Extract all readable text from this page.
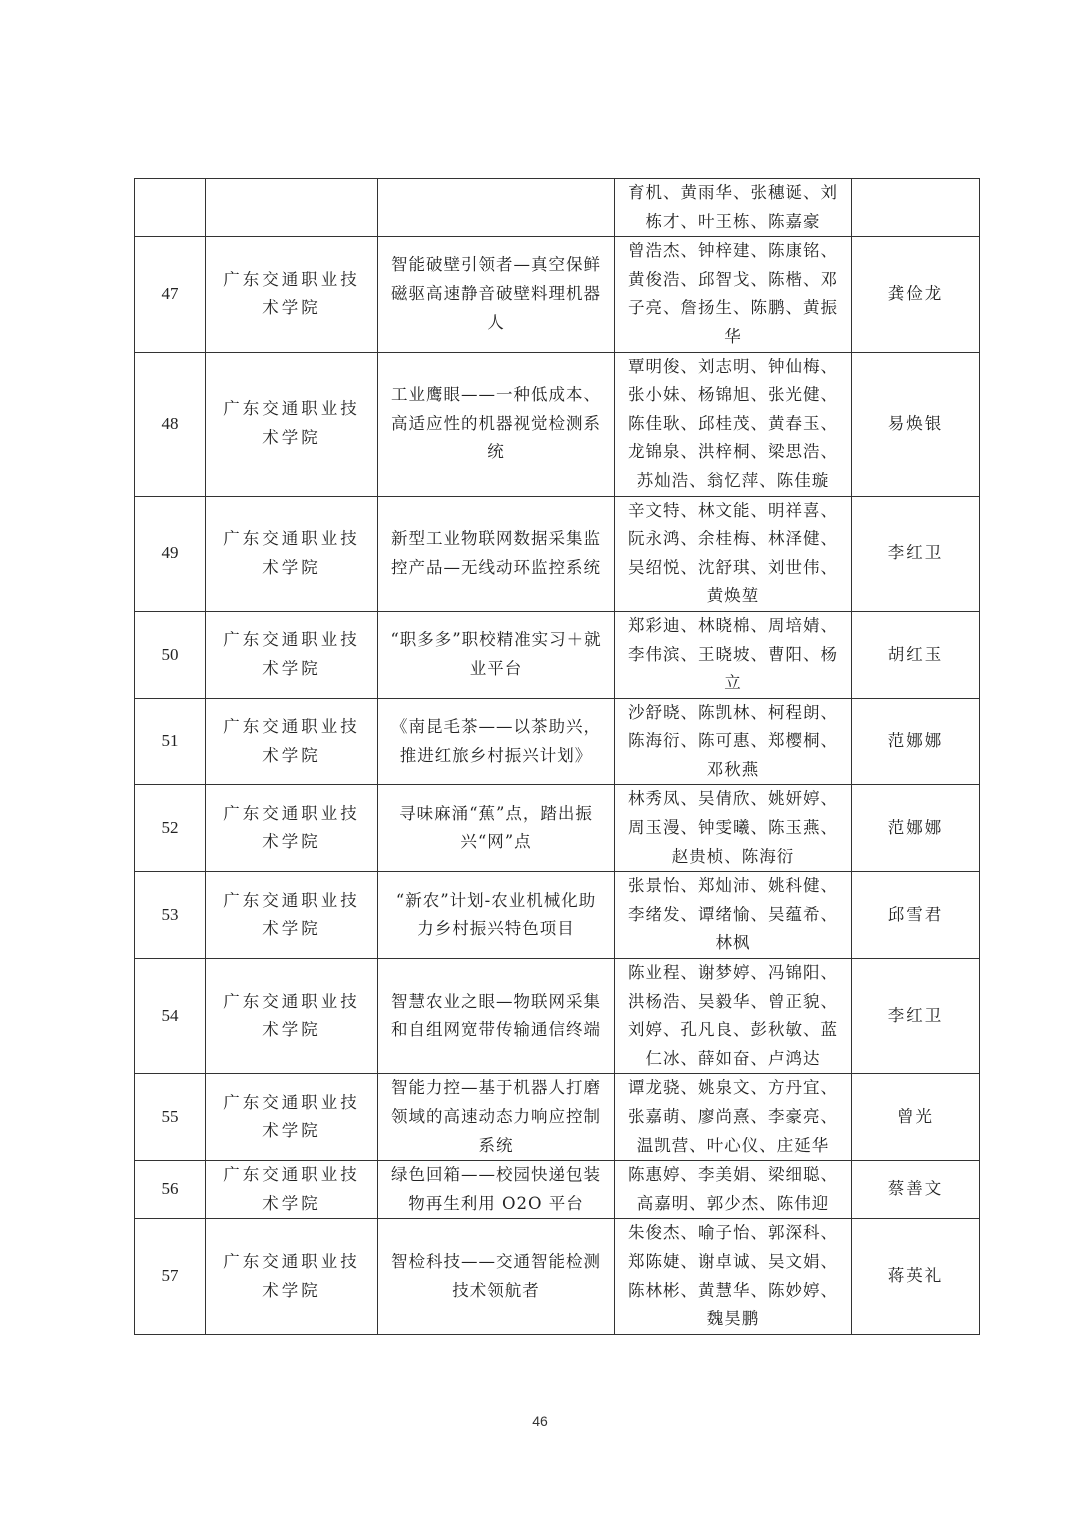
			育机、黄雨华、张穗诞、刘栋才、叶王栋、陈嘉豪	
47	广东交通职业技术学院	智能破壁引领者—真空保鲜磁驱高速静音破壁料理机器人	曾浩杰、钟梓建、陈康铭、黄俊浩、邱智戈、陈楷、邓子亮、詹扬生、陈鹏、黄振华	龚俭龙
48	广东交通职业技术学院	工业鹰眼——一种低成本、高适应性的机器视觉检测系统	覃明俊、刘志明、钟仙梅、张小妹、杨锦旭、张光健、陈佳耿、邱桂茂、黄春玉、龙锦泉、洪梓桐、梁思浩、苏灿浩、翁忆萍、陈佳璇	易焕银
49	广东交通职业技术学院	新型工业物联网数据采集监控产品—无线动环监控系统	辛文特、林文能、明祥喜、阮永鸿、余桂梅、林泽健、吴绍悦、沈舒琪、刘世伟、黄焕堃	李红卫
50	广东交通职业技术学院	“职多多”职校精准实习＋就业平台	郑彩迪、林晓棉、周培婧、李伟滨、王晓坡、曹阳、杨立	胡红玉
51	广东交通职业技术学院	《南昆毛茶——以茶助兴，推进红旅乡村振兴计划》	沙舒晓、陈凯林、柯程朗、陈海衍、陈可惠、郑樱桐、邓秋燕	范娜娜
52	广东交通职业技术学院	寻味麻涌“蕉”点，踏出振兴“网”点	林秀凤、吴倩欣、姚妍婷、周玉漫、钟雯曦、陈玉燕、赵贵桢、陈海衍	范娜娜
53	广东交通职业技术学院	“新农”计划-农业机械化助力乡村振兴特色项目	张景怡、郑灿沛、姚科健、李绪发、谭绪愉、吴蕴希、林枫	邱雪君
54	广东交通职业技术学院	智慧农业之眼—物联网采集和自组网宽带传输通信终端	陈业程、谢梦婷、冯锦阳、洪杨浩、吴毅华、曾正貌、刘婷、孔凡良、彭秋敏、蓝仁冰、薛如奋、卢鸿达	李红卫
55	广东交通职业技术学院	智能力控—基于机器人打磨领域的高速动态力响应控制系统	谭龙骁、姚泉文、方丹宜、张嘉萌、廖尚熹、李豪亮、温凯营、叶心仪、庄延华	曾光
56	广东交通职业技术学院	绿色回箱——校园快递包装物再生利用 O2O 平台	陈惠婷、李美娟、梁细聪、高嘉明、郭少杰、陈伟迎	蔡善文
57	广东交通职业技术学院	智检科技——交通智能检测技术领航者	朱俊杰、喻子怡、郭深科、郑陈婕、谢卓诚、吴文娟、陈林彬、黄慧华、陈妙婷、魏昊鹏	蒋英礼
46
